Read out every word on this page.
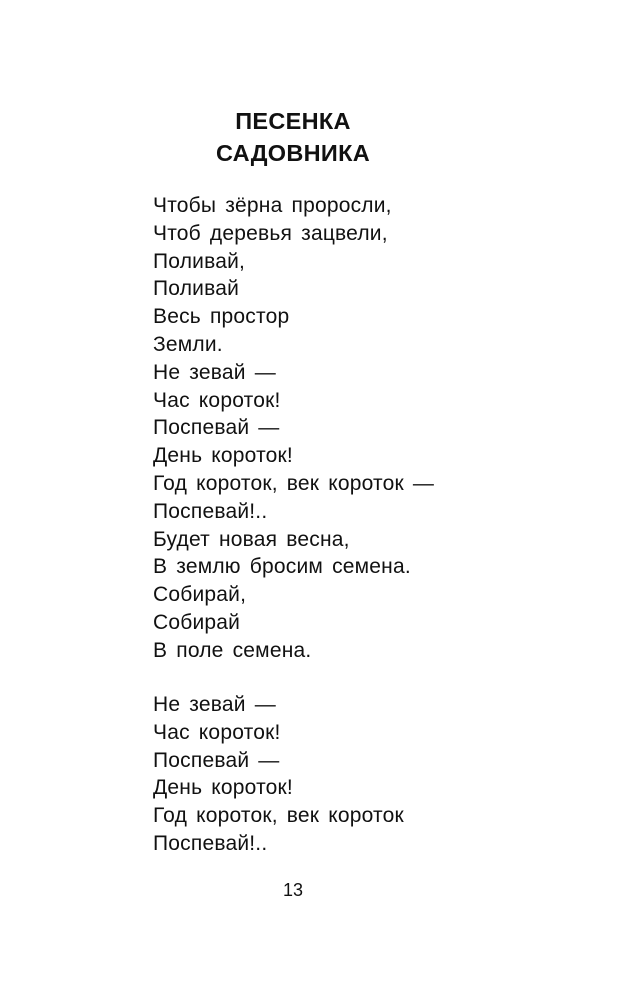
ПЕСЕНКА
САДОВНИКА
Чтобы зёрна проросли,
Чтоб деревья зацвели,
Поливай,
Поливай
Весь простор
Земли.
Не зевай —
Час короток!
Поспевай —
День короток!
Год короток, век короток —
Поспевай!..
Будет новая весна,
В землю бросим семена.
Собирай,
Собирай
В поле семена.
Не зевай —
Час короток!
Поспевай —
День короток!
Год короток, век короток
Поспевай!..
13
